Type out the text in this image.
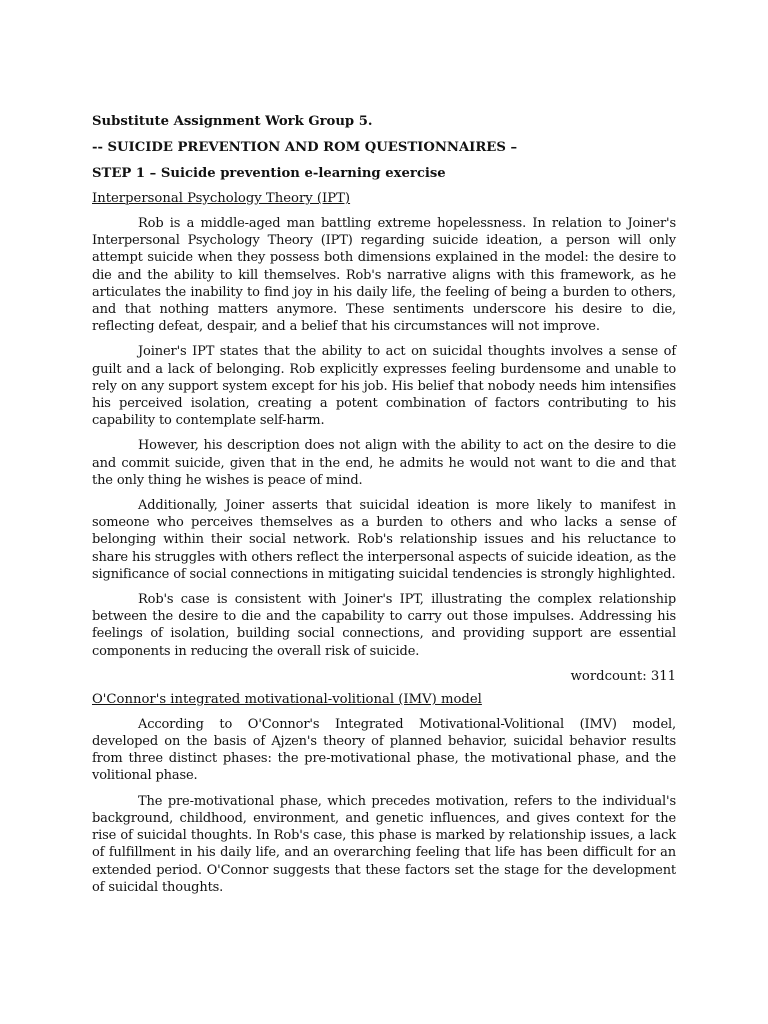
Substitute Assignment Work Group 5.
-- SUICIDE PREVENTION AND ROM QUESTIONNAIRES –
STEP 1 – Suicide prevention e-learning exercise
Interpersonal Psychology Theory (IPT)

Rob is a middle-aged man battling extreme hopelessness. In relation to Joiner's Interpersonal Psychology Theory (IPT) regarding suicide ideation, a person will only attempt suicide when they possess both dimensions explained in the model: the desire to die and the ability to kill themselves. Rob's narrative aligns with this framework, as he articulates the inability to find joy in his daily life, the feeling of being a burden to others, and that nothing matters anymore. These sentiments underscore his desire to die, reflecting defeat, despair, and a belief that his circumstances will not improve.

Joiner's IPT states that the ability to act on suicidal thoughts involves a sense of guilt and a lack of belonging. Rob explicitly expresses feeling burdensome and unable to rely on any support system except for his job. His belief that nobody needs him intensifies his perceived isolation, creating a potent combination of factors contributing to his capability to contemplate self-harm.

However, his description does not align with the ability to act on the desire to die and commit suicide, given that in the end, he admits he would not want to die and that the only thing he wishes is peace of mind.

Additionally, Joiner asserts that suicidal ideation is more likely to manifest in someone who perceives themselves as a burden to others and who lacks a sense of belonging within their social network. Rob's relationship issues and his reluctance to share his struggles with others reflect the interpersonal aspects of suicide ideation, as the significance of social connections in mitigating suicidal tendencies is strongly highlighted.

Rob's case is consistent with Joiner's IPT, illustrating the complex relationship between the desire to die and the capability to carry out those impulses. Addressing his feelings of isolation, building social connections, and providing support are essential components in reducing the overall risk of suicide.

wordcount: 311
O'Connor's integrated motivational-volitional (IMV) model

According to O'Connor's Integrated Motivational-Volitional (IMV) model, developed on the basis of Ajzen's theory of planned behavior, suicidal behavior results from three distinct phases: the pre-motivational phase, the motivational phase, and the volitional phase.

The pre-motivational phase, which precedes motivation, refers to the individual's background, childhood, environment, and genetic influences, and gives context for the rise of suicidal thoughts. In Rob's case, this phase is marked by relationship issues, a lack of fulfillment in his daily life, and an overarching feeling that life has been difficult for an extended period. O'Connor suggests that these factors set the stage for the development of suicidal thoughts.
